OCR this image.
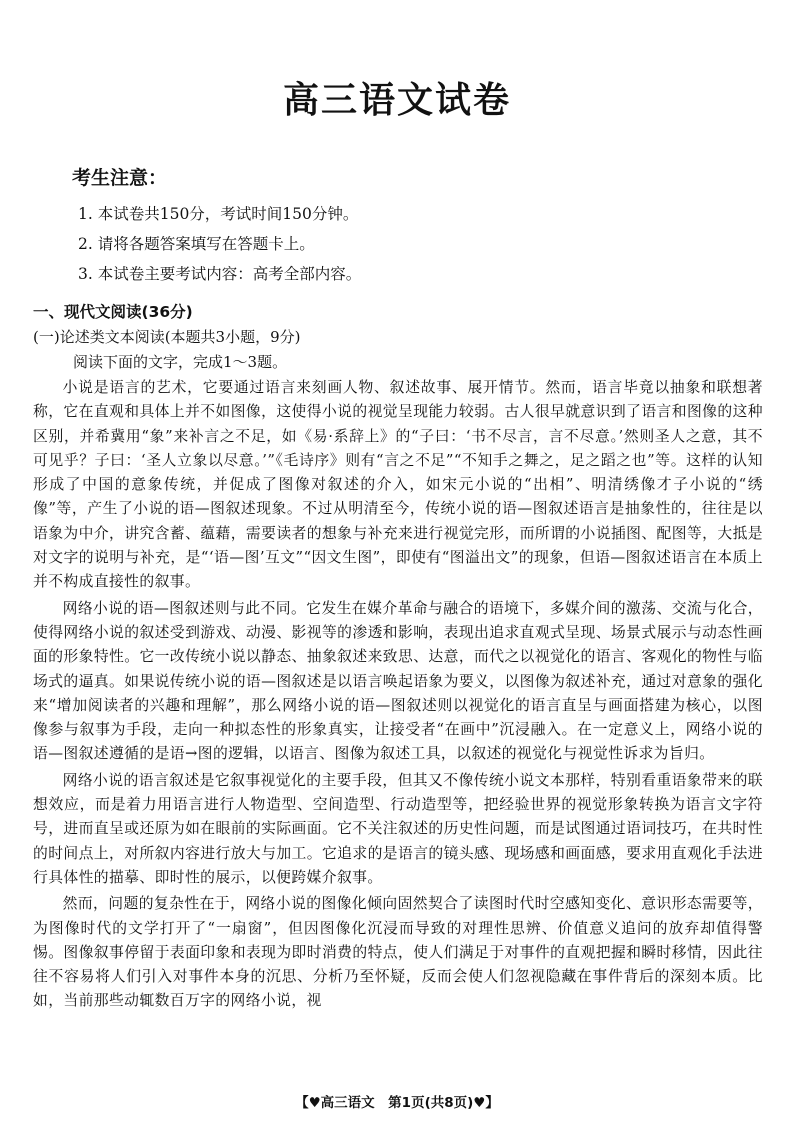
高三语文试卷
考生注意：
1. 本试卷共150分，考试时间150分钟。
2. 请将各题答案填写在答题卡上。
3. 本试卷主要考试内容：高考全部内容。
一、现代文阅读(36分)
(一)论述类文本阅读(本题共3小题，9分)
阅读下面的文字，完成1～3题。

小说是语言的艺术，它要通过语言来刻画人物、叙述故事、展开情节。然而，语言毕竟以抽象和联想著称，它在直观和具体上并不如图像，这使得小说的视觉呈现能力较弱。古人很早就意识到了语言和图像的这种区别，并希冀用“象”来补言之不足，如《易·系辞上》的“子曰：‘书不尽言，言不尽意。’然则圣人之意，其不可见乎？子曰：‘圣人立象以尽意。’”《毛诗序》则有“言之不足”“不知手之舞之，足之蹈之也”等。这样的认知形成了中国的意象传统，并促成了图像对叙述的介入，如宋元小说的“出相”、明清绣像才子小说的“绣像”等，产生了小说的语—图叙述现象。不过从明清至今，传统小说的语—图叙述语言是抽象性的，往往是以语象为中介，讲究含蓄、蕴藉，需要读者的想象与补充来进行视觉完形，而所谓的小说插图、配图等，大抵是对文字的说明与补充，是“‘语—图’互文”“因文生图”，即使有“图溢出文”的现象，但语—图叙述语言在本质上并不构成直接性的叙事。

网络小说的语—图叙述则与此不同。它发生在媒介革命与融合的语境下，多媒介间的激荡、交流与化合，使得网络小说的叙述受到游戏、动漫、影视等的渗透和影响，表现出追求直观式呈现、场景式展示与动态性画面的形象特性。它一改传统小说以静态、抽象叙述来致思、达意，而代之以视觉化的语言、客观化的物性与临场式的逼真。如果说传统小说的语—图叙述是以语言唤起语象为要义，以图像为叙述补充，通过对意象的强化来“增加阅读者的兴趣和理解”，那么网络小说的语—图叙述则以视觉化的语言直呈与画面搭建为核心，以图像参与叙事为手段，走向一种拟态性的形象真实，让接受者“在画中”沉浸融入。在一定意义上，网络小说的语—图叙述遵循的是语→图的逻辑，以语言、图像为叙述工具，以叙述的视觉化与视觉性诉求为旨归。

网络小说的语言叙述是它叙事视觉化的主要手段，但其又不像传统小说文本那样，特别看重语象带来的联想效应，而是着力用语言进行人物造型、空间造型、行动造型等，把经验世界的视觉形象转换为语言文字符号，进而直呈或还原为如在眼前的实际画面。它不关注叙述的历史性问题，而是试图通过语词技巧，在共时性的时间点上，对所叙内容进行放大与加工。它追求的是语言的镜头感、现场感和画面感，要求用直观化手法进行具体性的描摹、即时性的展示，以便跨媒介叙事。

然而，问题的复杂性在于，网络小说的图像化倾向固然契合了读图时代时空感知变化、意识形态需要等，为图像时代的文学打开了“一扇窗”，但因图像化沉浸而导致的对理性思辨、价值意义追问的放弃却值得警惕。图像叙事停留于表面印象和表现为即时消费的特点，使人们满足于对事件的直观把握和瞬时移情，因此往往不容易将人们引入对事件本身的沉思、分析乃至怀疑，反而会使人们忽视隐藏在事件背后的深刻本质。比如，当前那些动辄数百万字的网络小说，视

【♥高三语文　第1页(共8页)♥】
